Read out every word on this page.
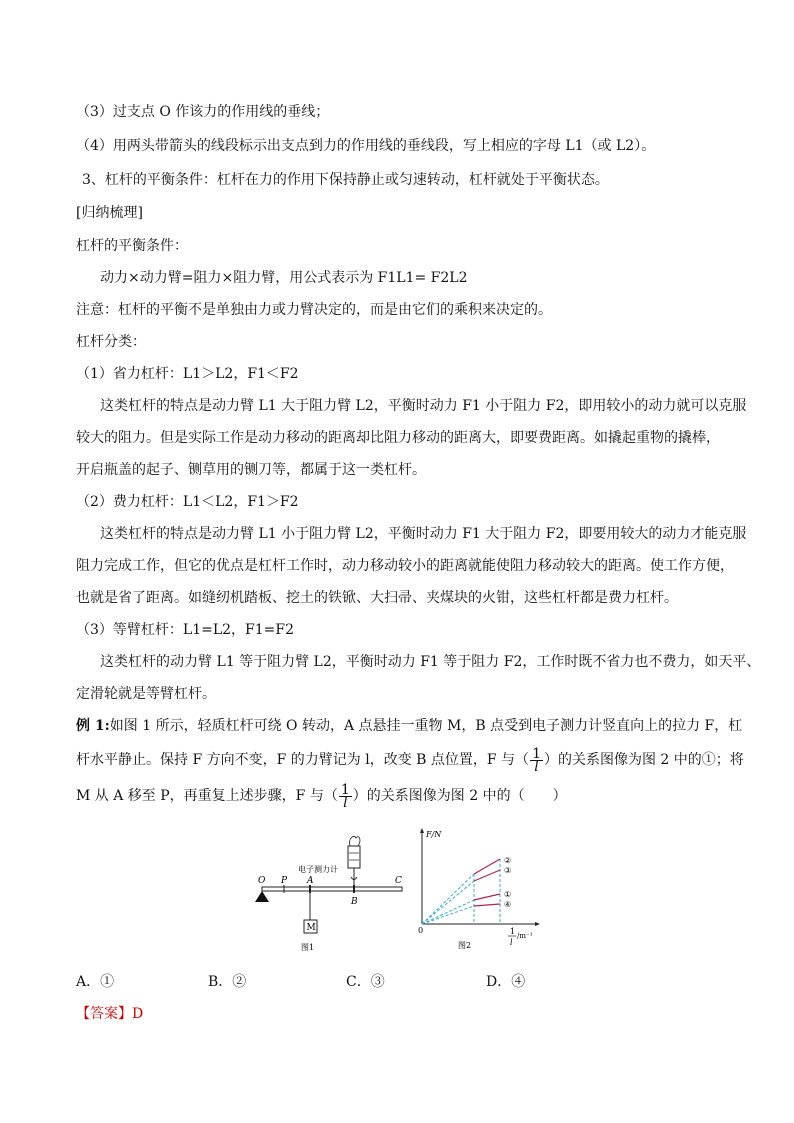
（3）过支点 O 作该力的作用线的垂线；
（4）用两头带箭头的线段标示出支点到力的作用线的垂线段，写上相应的字母 L1（或 L2）。
3、杠杆的平衡条件：杠杆在力的作用下保持静止或匀速转动，杠杆就处于平衡状态。
[归纳梳理]
杠杆的平衡条件：
动力×动力臂=阻力×阻力臂，用公式表示为 F1L1= F2L2
注意：杠杆的平衡不是单独由力或力臂决定的，而是由它们的乘积来决定的。
杠杆分类：
（1）省力杠杆：L1＞L2，F1＜F2
这类杠杆的特点是动力臂 L1 大于阻力臂 L2，平衡时动力 F1 小于阻力 F2，即用较小的动力就可以克服
较大的阻力。但是实际工作是动力移动的距离却比阻力移动的距离大，即要费距离。如撬起重物的撬棒，
开启瓶盖的起子、铡草用的铡刀等，都属于这一类杠杆。
（2）费力杠杆：L1＜L2，F1＞F2
这类杠杆的特点是动力臂 L1 小于阻力臂 L2，平衡时动力 F1 大于阻力 F2，即要用较大的动力才能克服
阻力完成工作，但它的优点是杠杆工作时，动力移动较小的距离就能使阻力移动较大的距离。使工作方便，
也就是省了距离。如缝纫机踏板、挖土的铁锨、大扫帚、夹煤块的火钳，这些杠杆都是费力杠杆。
（3）等臂杠杆：L1=L2，F1=F2
这类杠杆的动力臂 L1 等于阻力臂 L2，平衡时动力 F1 等于阻力 F2，工作时既不省力也不费力，如天平、
定滑轮就是等臂杠杆。
例 1:如图 1 所示，轻质杠杆可绕 O 转动，A 点悬挂一重物 M，B 点受到电子测力计竖直向上的拉力 F，杠
杆水平静止。保持 F 方向不变，F 的力臂记为 l，改变 B 点位置，F 与（ $\frac{1}{l}$ ）的关系图像为图 2 中的①；将
M 从 A 移至 P，再重复上述步骤，F 与（ $\frac{1}{l}$ ）的关系图像为图 2 中的（　　）
O P A
B
C
M
电子测力计
图1
F/N
0	1
l
/m⁻¹
图2
②
③
①
④
A．①	B．②	C．③	D．④
【答案】D
